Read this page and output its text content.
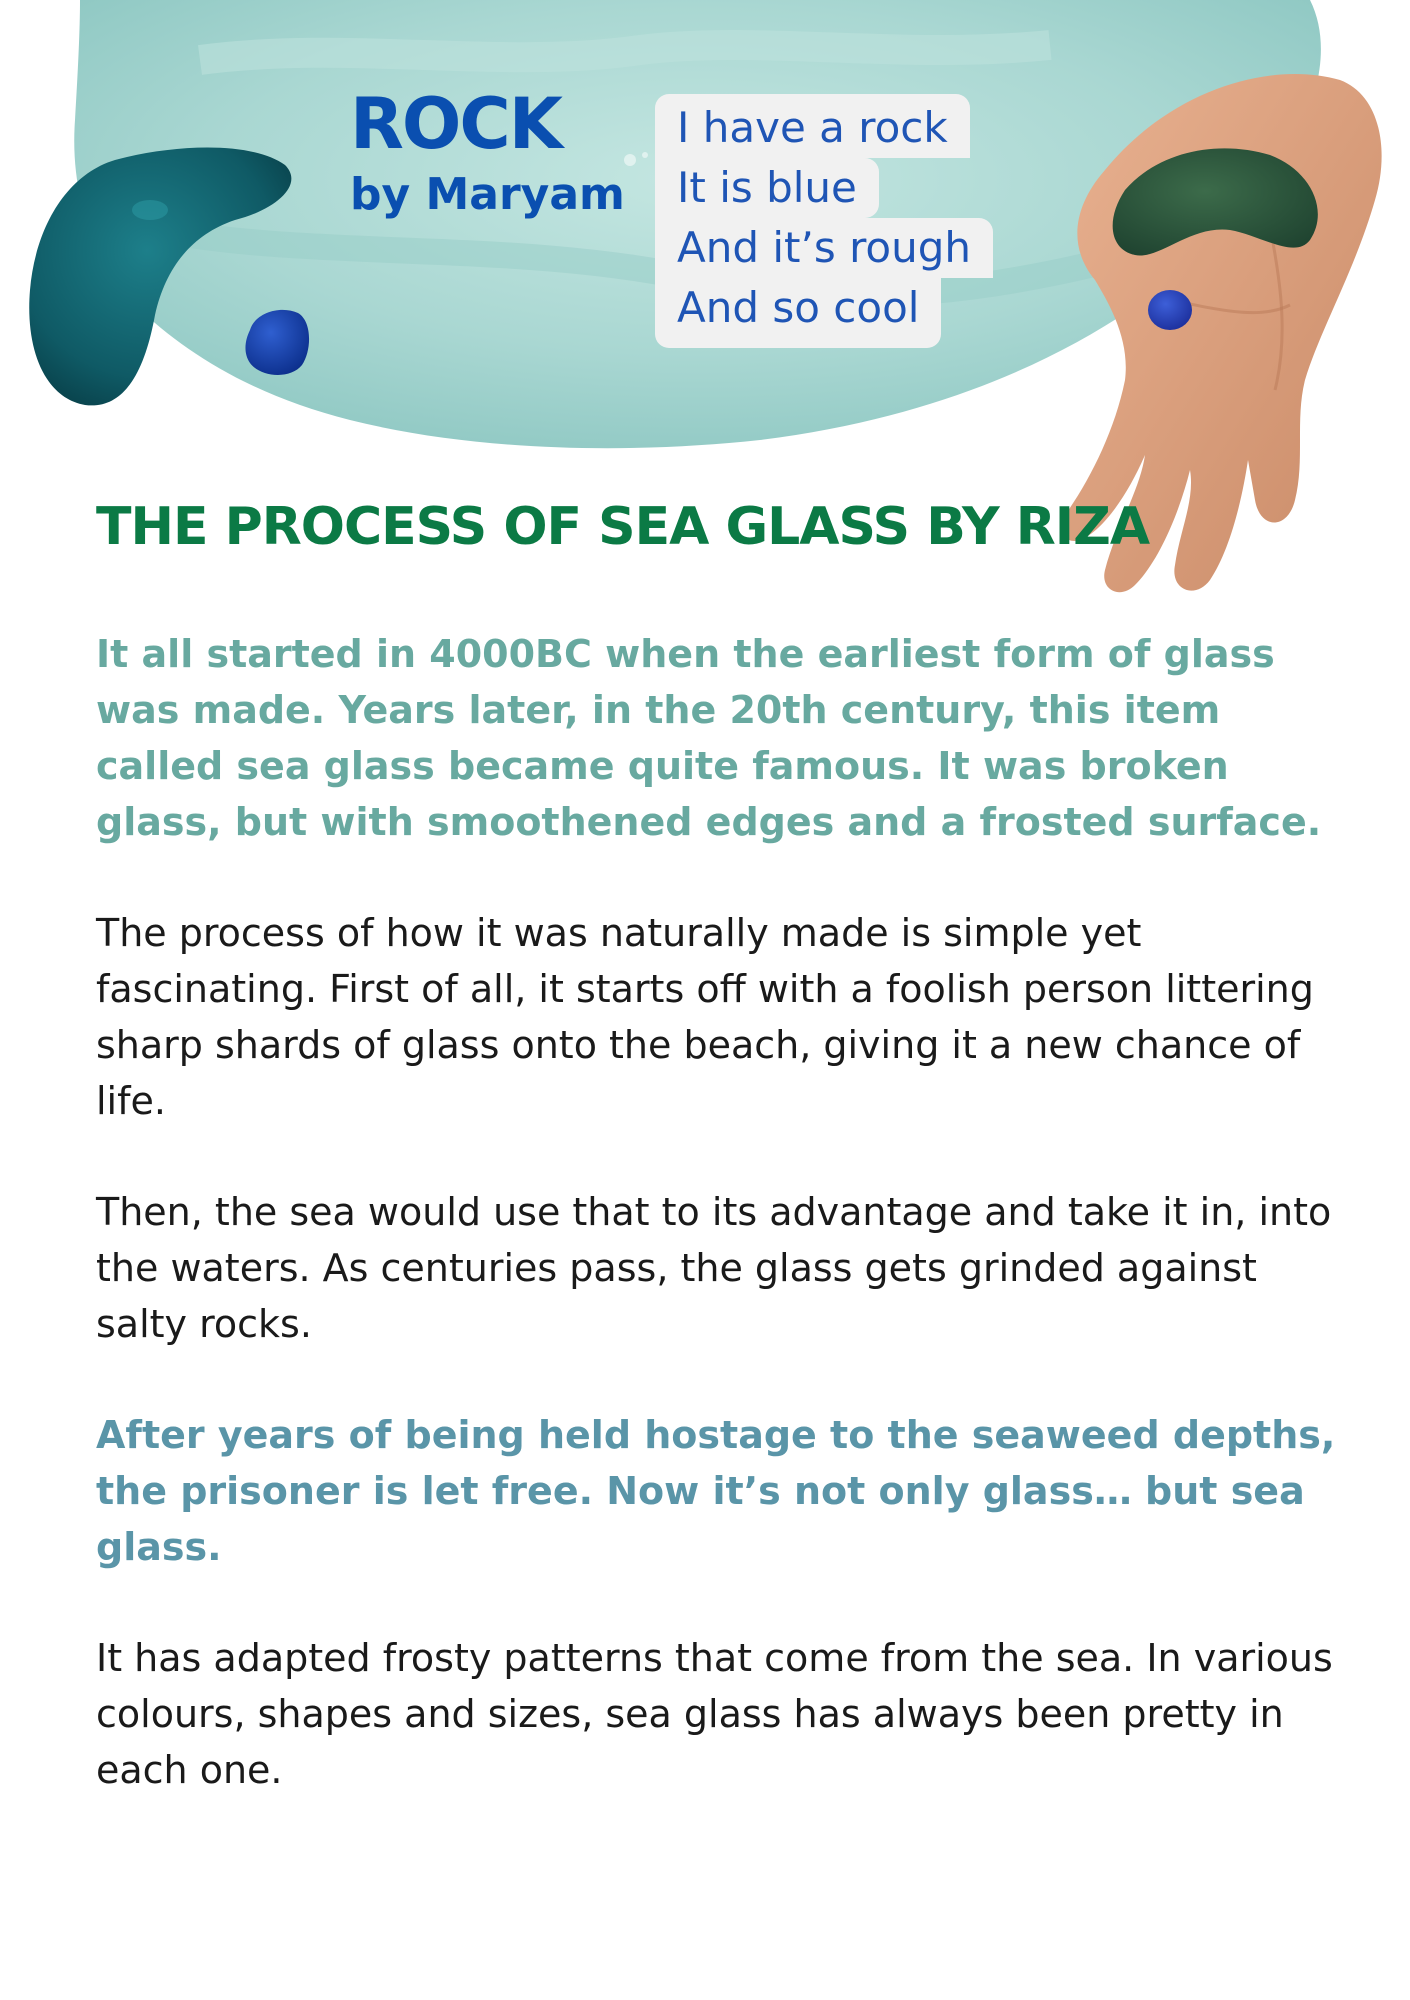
ROCK
by Maryam
I have a rock
It is blue
And it’s rough
And so cool
THE PROCESS OF SEA GLASS BY RIZA

It all started in 4000BC when the earliest form of glass was made. Years later, in the 20th century, this item called sea glass became quite famous. It was broken glass, but with smoothened edges and a frosted surface.

The process of how it was naturally made is simple yet fascinating. First of all, it starts off with a foolish person littering sharp shards of glass onto the beach, giving it a new chance of life.

Then, the sea would use that to its advantage and take it in, into the waters. As centuries pass, the glass gets grinded against salty rocks.

After years of being held hostage to the seaweed depths, the prisoner is let free. Now it’s not only glass… but sea glass.

It has adapted frosty patterns that come from the sea. In various colours, shapes and sizes, sea glass has always been pretty in each one.
